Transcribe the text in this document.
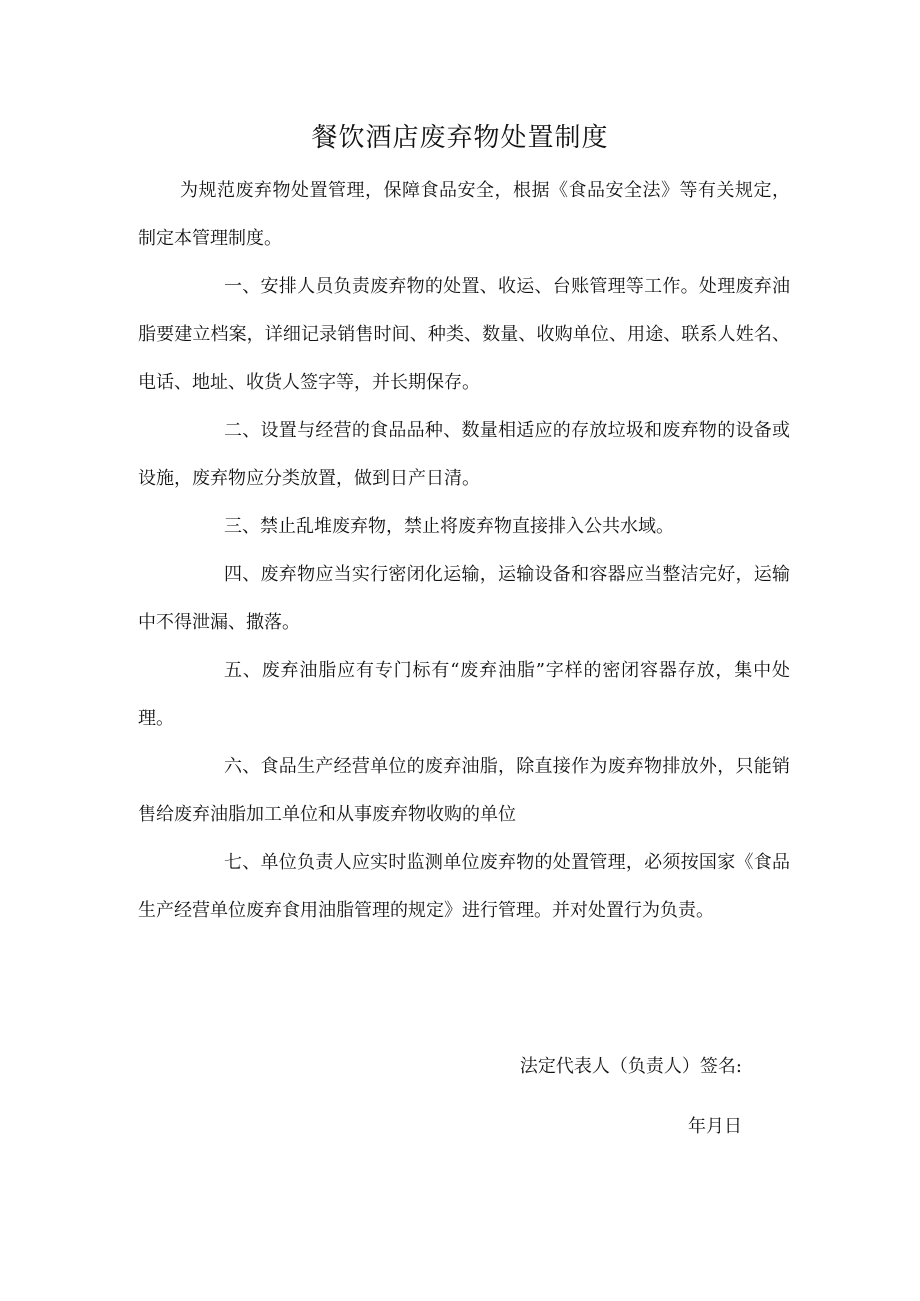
餐饮酒店废弃物处置制度

为规范废弃物处置管理，保障食品安全，根据《食品安全法》等有关规定，制定本管理制度。

一、安排人员负责废弃物的处置、收运、台账管理等工作。处理废弃油脂要建立档案，详细记录销售时间、种类、数量、收购单位、用途、联系人姓名、电话、地址、收货人签字等，并长期保存。

二、设置与经营的食品品种、数量相适应的存放垃圾和废弃物的设备或设施，废弃物应分类放置，做到日产日清。

三、禁止乱堆废弃物，禁止将废弃物直接排入公共水域。

四、废弃物应当实行密闭化运输，运输设备和容器应当整洁完好，运输中不得泄漏、撒落。

五、废弃油脂应有专门标有“废弃油脂”字样的密闭容器存放，集中处理。

六、食品生产经营单位的废弃油脂，除直接作为废弃物排放外，只能销售给废弃油脂加工单位和从事废弃物收购的单位

七、单位负责人应实时监测单位废弃物的处置管理，必须按国家《食品生产经营单位废弃食用油脂管理的规定》进行管理。并对处置行为负责。

法定代表人（负责人）签名:

年月日
